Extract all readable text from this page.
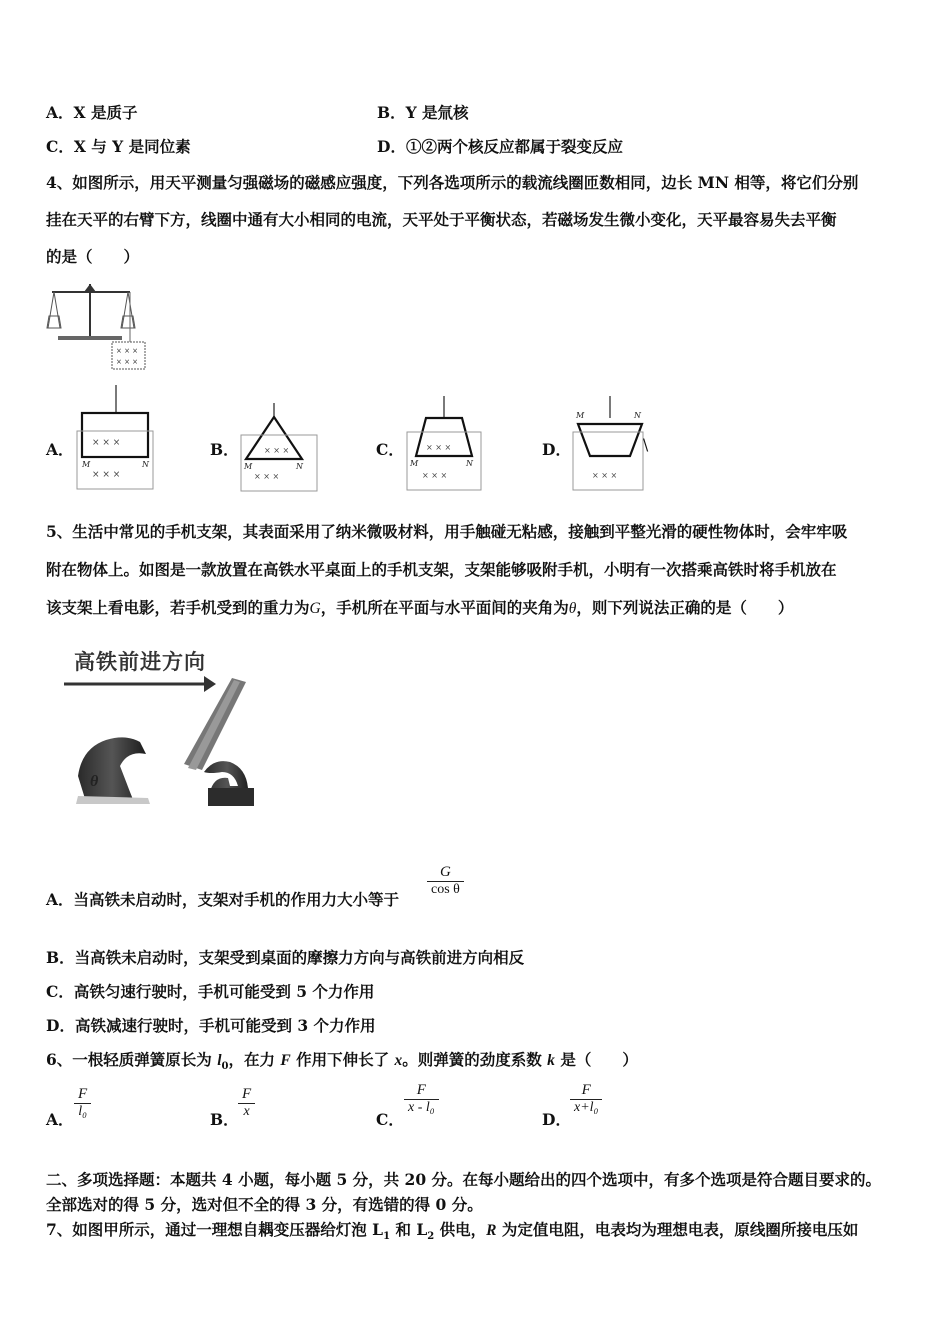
A．X 是质子	B．Y 是氚核
C．X 与 Y 是同位素	D．①②两个核反应都属于裂变反应
4、如图所示，用天平测量匀强磁场的磁感应强度，下列各选项所示的载流线圈匝数相同，边长 MN 相等，将它们分别
挂在天平的右臂下方，线圈中通有大小相同的电流，天平处于平衡状态，若磁场发生微小变化，天平最容易失去平衡
的是（　　）
× × ×
× × ×
A． × × ×
M	N
× × ×
B．	× × ×
M	N
× × ×
C．	× × ×
M	N
× × ×
D．
M	N
× × ×
\
5、生活中常见的手机支架，其表面采用了纳米微吸材料，用手触碰无粘感，接触到平整光滑的硬性物体时，会牢牢吸
附在物体上。如图是一款放置在高铁水平桌面上的手机支架，支架能够吸附手机，小明有一次搭乘高铁时将手机放在
该支架上看电影，若手机受到的重力为G，手机所在平面与水平面间的夹角为θ，则下列说法正确的是（　　）
高铁前进方向
θ
A．当高铁未启动时，支架对手机的作用力大小等于
G
cos θ
B．当高铁未启动时，支架受到桌面的摩擦力方向与高铁前进方向相反
C．高铁匀速行驶时，手机可能受到 5 个力作用
D．高铁减速行驶时，手机可能受到 3 个力作用
6、一根轻质弹簧原长为 $l_0$，在力 F 作用下伸长了 x。则弹簧的劲度系数 k 是（　　）
A．
F
l₀	B．
F
x	C．
F
x - l₀
D．
F
x+l₀
二、多项选择题：本题共 4 小题，每小题 5 分，共 20 分。在每小题给出的四个选项中，有多个选项是符合题目要求的。
全部选对的得 5 分，选对但不全的得 3 分，有选错的得 0 分。
7、如图甲所示，通过一理想自耦变压器给灯泡 $L_1$ 和 $L_2$ 供电，R 为定值电阻，电表均为理想电表，原线圈所接电压如
